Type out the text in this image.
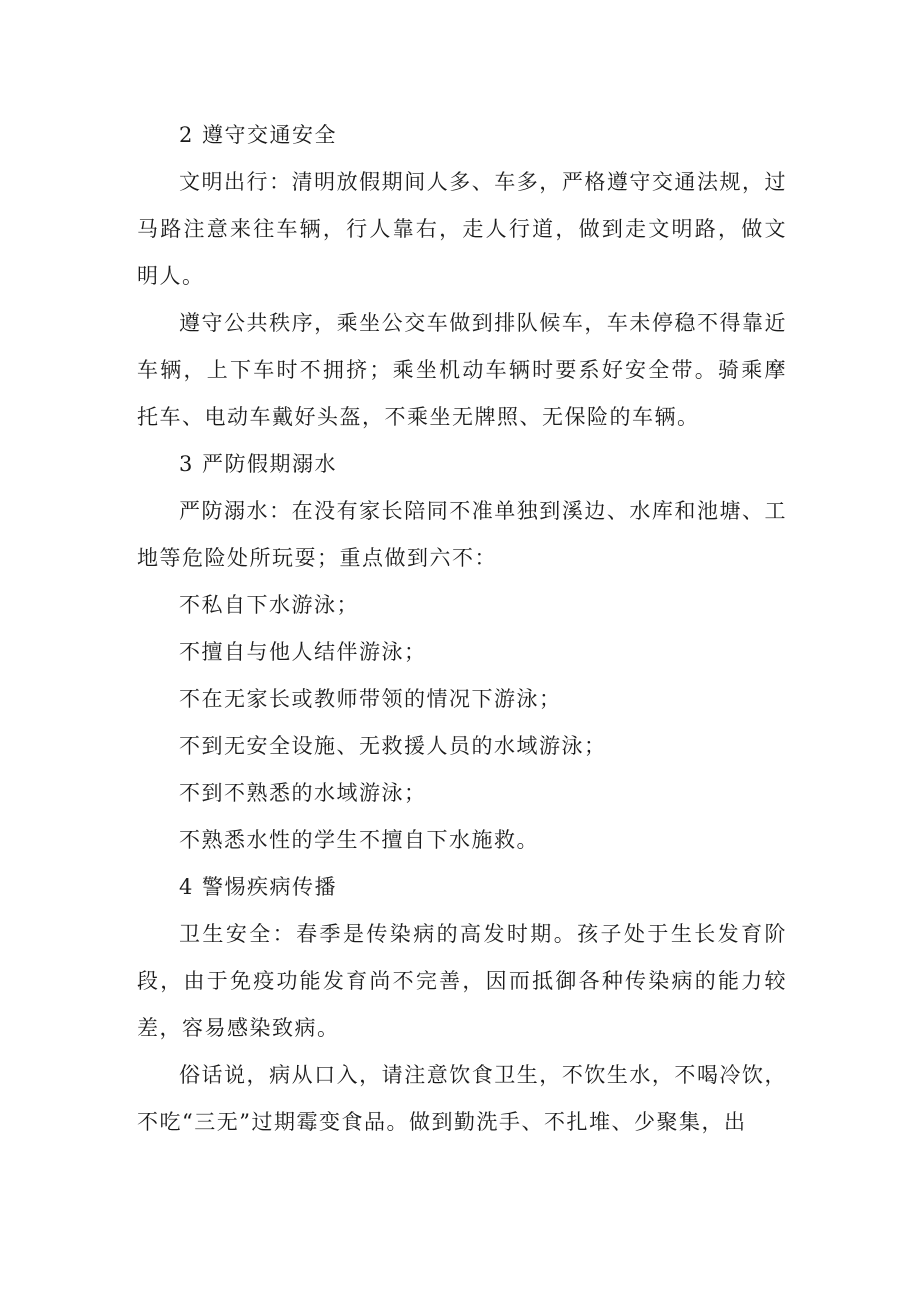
2 遵守交通安全

文明出行：清明放假期间人多、车多，严格遵守交通法规，过马路注意来往车辆，行人靠右，走人行道，做到走文明路，做文明人。

遵守公共秩序，乘坐公交车做到排队候车，车未停稳不得靠近车辆，上下车时不拥挤；乘坐机动车辆时要系好安全带。骑乘摩托车、电动车戴好头盔，不乘坐无牌照、无保险的车辆。

3 严防假期溺水

严防溺水：在没有家长陪同不准单独到溪边、水库和池塘、工地等危险处所玩耍；重点做到六不：

不私自下水游泳；

不擅自与他人结伴游泳；

不在无家长或教师带领的情况下游泳；

不到无安全设施、无救援人员的水域游泳；

不到不熟悉的水域游泳；

不熟悉水性的学生不擅自下水施救。

4 警惕疾病传播

卫生安全：春季是传染病的高发时期。孩子处于生长发育阶段，由于免疫功能发育尚不完善，因而抵御各种传染病的能力较差，容易感染致病。

俗话说，病从口入，请注意饮食卫生，不饮生水，不喝冷饮，不吃“三无”过期霉变食品。做到勤洗手、不扎堆、少聚集，出
